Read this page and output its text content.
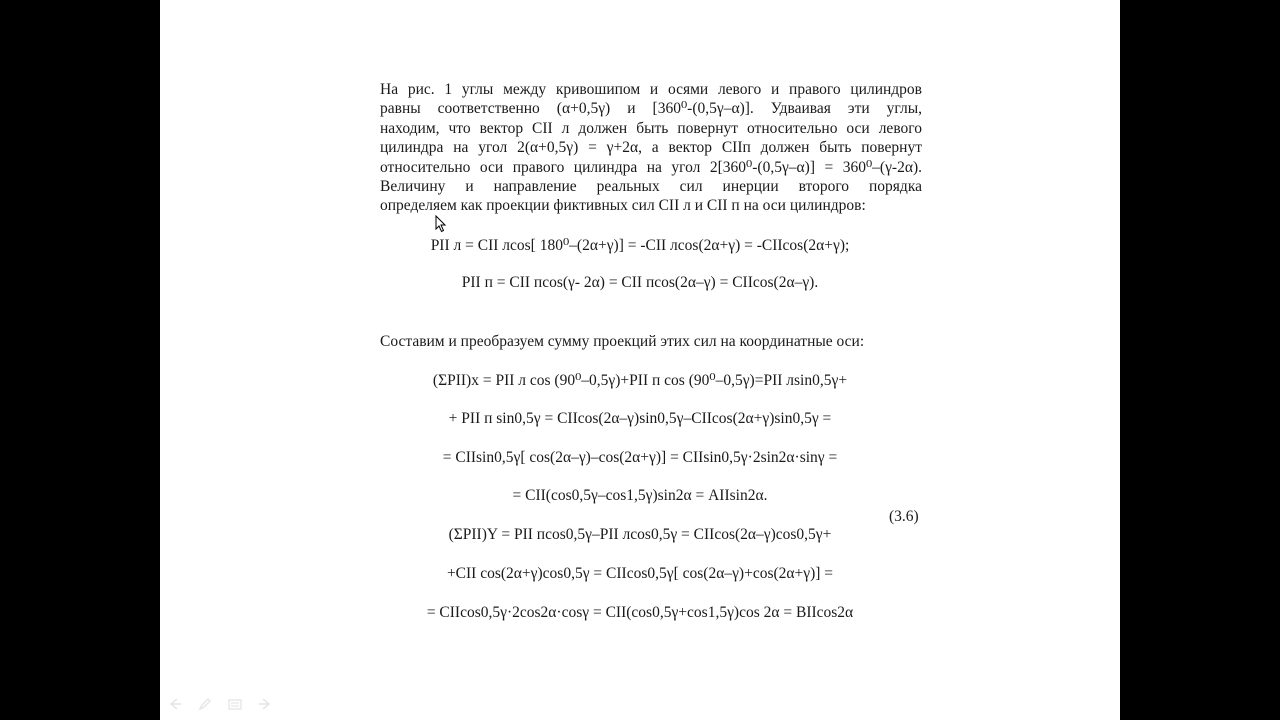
На рис. 1 углы между кривошипом и осями левого и правого цилиндров
равны соответственно (α+0,5γ) и [360⁰-(0,5γ–α)]. Удваивая эти углы,
находим, что вектор CII л должен быть повернут относительно оси левого
цилиндра на угол 2(α+0,5γ) = γ+2α, а вектор CIIп должен быть повернут
относительно оси правого цилиндра на угол 2[360⁰-(0,5γ–α)] = 360⁰–(γ-2α).
Величину и направление реальных сил инерции второго порядка
определяем как проекции фиктивных сил CII л и CII п на оси цилиндров:
PII л = CII лcos[ 180⁰–(2α+γ)] = -CII лcos(2α+γ) = -CIIcos(2α+γ);
PII п = CII пcos(γ- 2α) = CII пcos(2α–γ) = CIIcos(2α–γ).
Составим и преобразуем сумму проекций этих сил на координатные оси:
(ΣPII)x = PII л cos (90⁰–0,5γ)+PII п cos (90⁰–0,5γ)=PII лsin0,5γ+
+ PII п sin0,5γ = CIIcos(2α–γ)sin0,5γ–CIIcos(2α+γ)sin0,5γ =
= CIIsin0,5γ[ cos(2α–γ)–cos(2α+γ)] = CIIsin0,5γ·2sin2α·sinγ =
= CII(cos0,5γ–cos1,5γ)sin2α = AIIsin2α.
(3.6)
(ΣPII)Y = PII пcos0,5γ–PII лcos0,5γ = CIIcos(2α–γ)cos0,5γ+
+CII cos(2α+γ)cos0,5γ = CIIcos0,5γ[ cos(2α–γ)+cos(2α+γ)] =
= CIIcos0,5γ·2cos2α·cosγ = CII(cos0,5γ+cos1,5γ)cos 2α = BIIcos2α
